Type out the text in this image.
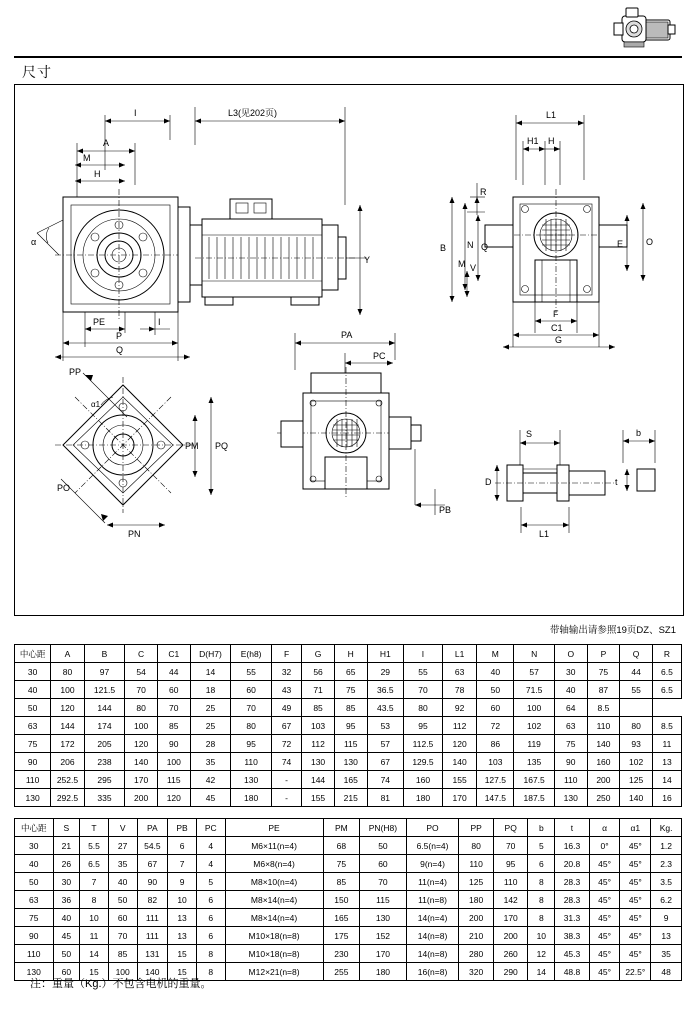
尺寸
I	L3(见202页)
A
M
H
α
Y
PE	I
P
Q
L1
H1 H
R
N Q
B
M V
O
E
F
C1
G
PA
PC
PB
PP
α1
PO
PM PQ
PN
S	b
D
L1
t
带轴输出请参照19页DZ、SZ1
中心距	A	B	C	C1	D(H7)	E(h8)	F	G	H	H1	I	L1	M	N	O	P	Q	R
30	80	97	54	44	14	55	32	56	65	29	55	63	40	57	30	75	44	6.5
40	100	121.5	70	60	18	60	43	71	75	36.5	70	78	50	71.5	40	87	55	6.5
50	120	144	80	70	25	70	49	85	85	43.5	80	92	60	100	64	8.5		
63	144	174	100	85	25	80	67	103	95	53	95	112	72	102	63	110	80	8.5
75	172	205	120	90	28	95	72	112	115	57	112.5	120	86	119	75	140	93	11
90	206	238	140	100	35	110	74	130	130	67	129.5	140	103	135	90	160	102	13
110	252.5	295	170	115	42	130	-	144	165	74	160	155	127.5	167.5	110	200	125	14
130	292.5	335	200	120	45	180	-	155	215	81	180	170	147.5	187.5	130	250	140	16
中心距	S	T	V	PA	PB	PC	PE	PM	PN(H8)	PO	PP	PQ	b	t	α	α1	Kg.
30	21	5.5	27	54.5	6	4	M6×11(n=4)	68	50	6.5(n=4)	80	70	5	16.3	0°	45°	1.2
40	26	6.5	35	67	7	4	M6×8(n=4)	75	60	9(n=4)	110	95	6	20.8	45°	45°	2.3
50	30	7	40	90	9	5	M8×10(n=4)	85	70	11(n=4)	125	110	8	28.3	45°	45°	3.5
63	36	8	50	82	10	6	M8×14(n=4)	150	115	11(n=8)	180	142	8	28.3	45°	45°	6.2
75	40	10	60	111	13	6	M8×14(n=4)	165	130	14(n=4)	200	170	8	31.3	45°	45°	9
90	45	11	70	111	13	6	M10×18(n=8)	175	152	14(n=8)	210	200	10	38.3	45°	45°	13
110	50	14	85	131	15	8	M10×18(n=8)	230	170	14(n=8)	280	260	12	45.3	45°	45°	35
130	60	15	100	140	15	8	M12×21(n=8)	255	180	16(n=8)	320	290	14	48.8	45°	22.5°	48
注：重量（Kg.）不包含电机的重量。
